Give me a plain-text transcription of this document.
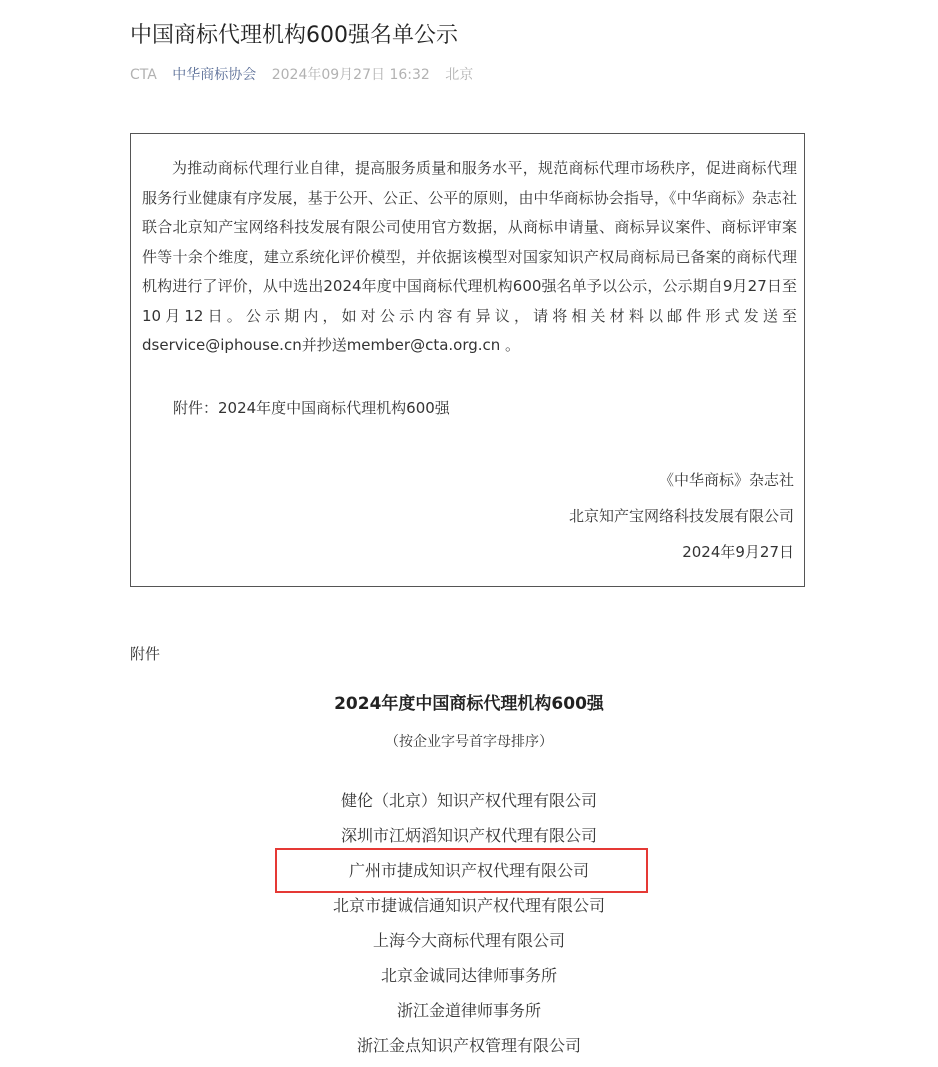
中国商标代理机构600强名单公示
CTA 中华商标协会 2024年09月27日 16:32 北京
为推动商标代理行业自律，提高服务质量和服务水平，规范商标代理市场秩序，促进商标代理服务行业健康有序发展，基于公开、公正、公平的原则，由中华商标协会指导，《中华商标》杂志社联合北京知产宝网络科技发展有限公司使用官方数据，从商标申请量、商标异议案件、商标评审案件等十余个维度，建立系统化评价模型，并依据该模型对国家知识产权局商标局已备案的商标代理机构进行了评价，从中选出2024年度中国商标代理机构600强名单予以公示，公示期自9月27日至10月12日。公示期内，如对公示内容有异议，请将相关材料以邮件形式发送至dservice@iphouse.cn并抄送member@cta.org.cn 。
附件：2024年度中国商标代理机构600强
《中华商标》杂志社
北京知产宝网络科技发展有限公司
2024年9月27日
附件
2024年度中国商标代理机构600强
（按企业字号首字母排序）
健伦（北京）知识产权代理有限公司
深圳市江炳滔知识产权代理有限公司
广州市捷成知识产权代理有限公司
北京市捷诚信通知识产权代理有限公司
上海今大商标代理有限公司
北京金诚同达律师事务所
浙江金道律师事务所
浙江金点知识产权管理有限公司
